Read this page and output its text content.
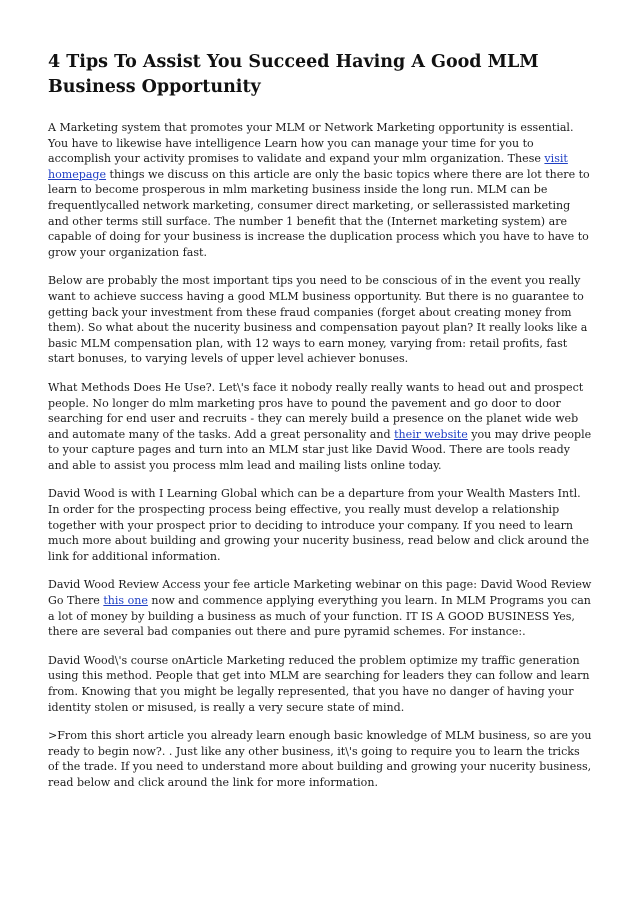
4 Tips To Assist You Succeed Having A Good MLM Business Opportunity

A Marketing system that promotes your MLM or Network Marketing opportunity is essential. You have to likewise have intelligence Learn how you can manage your time for you to accomplish your activity promises to validate and expand your mlm organization. These visit homepage things we discuss on this article are only the basic topics where there are lot there to learn to become prosperous in mlm marketing business inside the long run. MLM can be frequentlycalled network marketing, consumer direct marketing, or sellerassisted marketing and other terms still surface. The number 1 benefit that the (Internet marketing system) are capable of doing for your business is increase the duplication process which you have to have to grow your organization fast.

Below are probably the most important tips you need to be conscious of in the event you really want to achieve success having a good MLM business opportunity. But there is no guarantee to getting back your investment from these fraud companies (forget about creating money from them). So what about the nucerity business and compensation payout plan? It really looks like a basic MLM compensation plan, with 12 ways to earn money, varying from: retail profits, fast start bonuses, to varying levels of upper level achiever bonuses.

What Methods Does He Use?. Let\'s face it nobody really really wants to head out and prospect people. No longer do mlm marketing pros have to pound the pavement and go door to door searching for end user and recruits - they can merely build a presence on the planet wide web and automate many of the tasks. Add a great personality and their website you may drive people to your capture pages and turn into an MLM star just like David Wood. There are tools ready and able to assist you process mlm lead and mailing lists online today.

David Wood is with I Learning Global which can be a departure from your Wealth Masters Intl. In order for the prospecting process being effective, you really must develop a relationship together with your prospect prior to deciding to introduce your company. If you need to learn much more about building and growing your nucerity business, read below and click around the link for additional information.

David Wood Review Access your fee article Marketing webinar on this page: David Wood Review Go There this one now and commence applying everything you learn. In MLM Programs you can a lot of money by building a business as much of your function. IT IS A GOOD BUSINESS Yes, there are several bad companies out there and pure pyramid schemes. For instance:.

David Wood\'s course onArticle Marketing reduced the problem optimize my traffic generation using this method. People that get into MLM are searching for leaders they can follow and learn from. Knowing that you might be legally represented, that you have no danger of having your identity stolen or misused, is really a very secure state of mind.

>From this short article you already learn enough basic knowledge of MLM business, so are you ready to begin now?. . Just like any other business, it\'s going to require you to learn the tricks of the trade. If you need to understand more about building and growing your nucerity business, read below and click around the link for more information.
